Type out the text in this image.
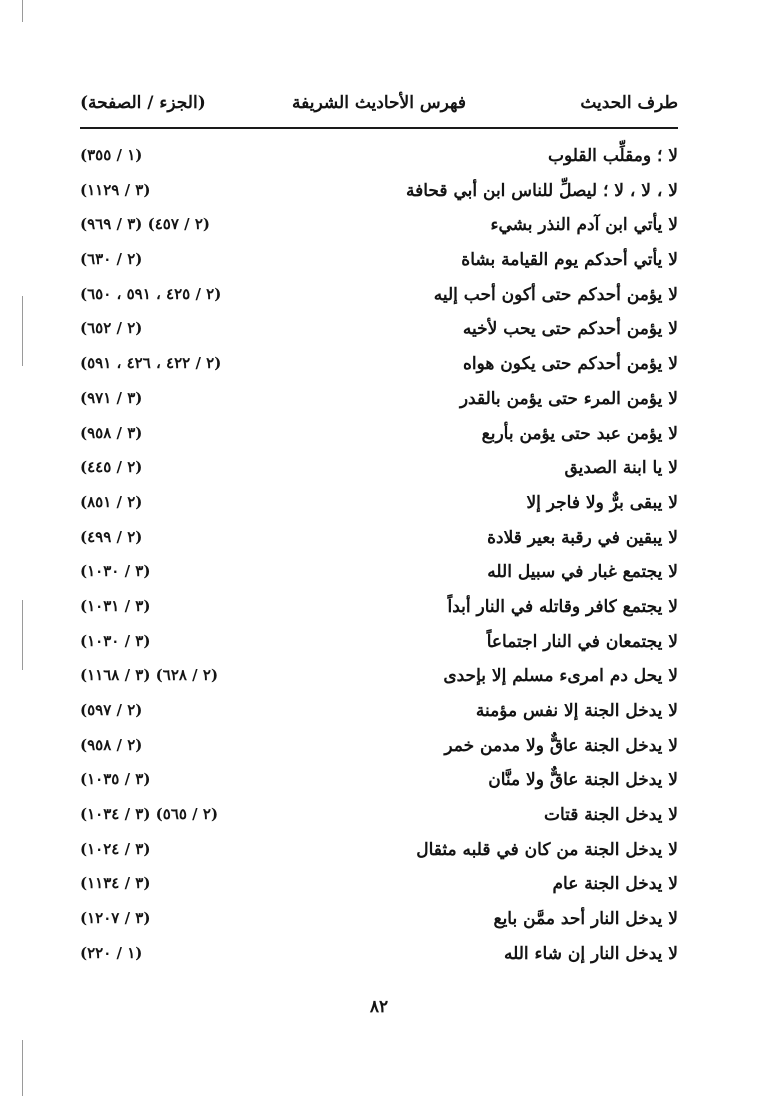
(الجزء / الصفحة)	فهرس الأحاديث الشريفة	طرف الحديث
لا ؛ ومقلِّب القلوب
(١ / ٣٥٥)
لا ، لا ، لا ؛ ليصلِّ للناس ابن أبي قحافة
(٣ / ١١٢٩)
لا يأتي ابن آدم النذر بشيء
(٢ / ٤٥٧) (٣ / ٩٦٩)
لا يأتي أحدكم يوم القيامة بشاة
(٢ / ٦٣٠)
لا يؤمن أحدكم حتى أكون أحب إليه
(٢ / ٤٢٥ ، ٥٩١ ، ٦٥٠)
لا يؤمن أحدكم حتى يحب لأخيه
(٢ / ٦٥٢)
لا يؤمن أحدكم حتى يكون هواه
(٢ / ٤٢٢ ، ٤٢٦ ، ٥٩١)
لا يؤمن المرء حتى يؤمن بالقدر
(٣ / ٩٧١)
لا يؤمن عبد حتى يؤمن بأربع
(٣ / ٩٥٨)
لا يا ابنة الصديق
(٢ / ٤٤٥)
لا يبقى برٌّ ولا فاجر إلا
(٢ / ٨٥١)
لا يبقين في رقبة بعير قلادة
(٢ / ٤٩٩)
لا يجتمع غبار في سبيل الله
(٣ / ١٠٣٠)
لا يجتمع كافر وقاتله في النار أبداً
(٣ / ١٠٣١)
لا يجتمعان في النار اجتماعاً
(٣ / ١٠٣٠)
لا يحل دم امرىء مسلم إلا بإحدى
(٢ / ٦٢٨) (٣ / ١١٦٨)
لا يدخل الجنة إلا نفس مؤمنة
(٢ / ٥٩٧)
لا يدخل الجنة عاقٌّ ولا مدمن خمر
(٢ / ٩٥٨)
لا يدخل الجنة عاقٌّ ولا منَّان
(٣ / ١٠٣٥)
لا يدخل الجنة قتات
(٢ / ٥٦٥) (٣ / ١٠٣٤)
لا يدخل الجنة من كان في قلبه مثقال
(٣ / ١٠٢٤)
لا يدخل الجنة عام
(٣ / ١١٣٤)
لا يدخل النار أحد ممَّن بايع
(٣ / ١٢٠٧)
لا يدخل النار إن شاء الله
(١ / ٢٢٠)
٨٢
